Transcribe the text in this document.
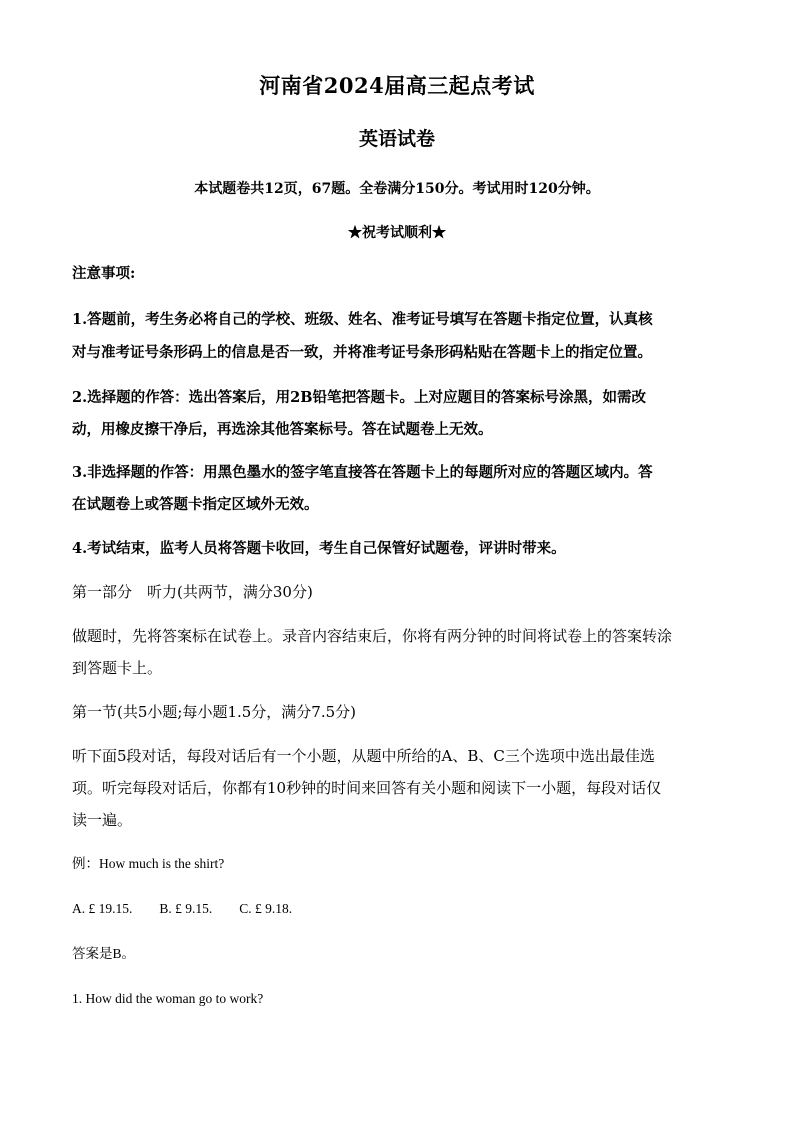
河南省2024届高三起点考试
英语试卷
本试题卷共12页，67题。全卷满分150分。考试用时120分钟。
★祝考试顺利★
注意事项:
1.答题前，考生务必将自己的学校、班级、姓名、准考证号填写在答题卡指定位置，认真核
对与准考证号条形码上的信息是否一致，并将准考证号条形码粘贴在答题卡上的指定位置。
2.选择题的作答：选出答案后，用2B铅笔把答题卡。上对应题目的答案标号涂黑，如需改
动，用橡皮擦干净后，再选涂其他答案标号。答在试题卷上无效。
3.非选择题的作答：用黑色墨水的签字笔直接答在答题卡上的每题所对应的答题区域内。答
在试题卷上或答题卡指定区域外无效。
4.考试结束，监考人员将答题卡收回，考生自己保管好试题卷，评讲时带来。
第一部分　听力(共两节，满分30分)
做题时，先将答案标在试卷上。录音内容结束后，你将有两分钟的时间将试卷上的答案转涂
到答题卡上。
第一节(共5小题;每小题1.5分，满分7.5分)
听下面5段对话，每段对话后有一个小题，从题中所给的A、B、C三个选项中选出最佳选
项。听完每段对话后，你都有10秒钟的时间来回答有关小题和阅读下一小题，每段对话仅
读一遍。
例：How much is the shirt?
A. £ 19.15.　　B. £ 9.15.　　C. £ 9.18.
答案是B。
1. How did the woman go to work?
